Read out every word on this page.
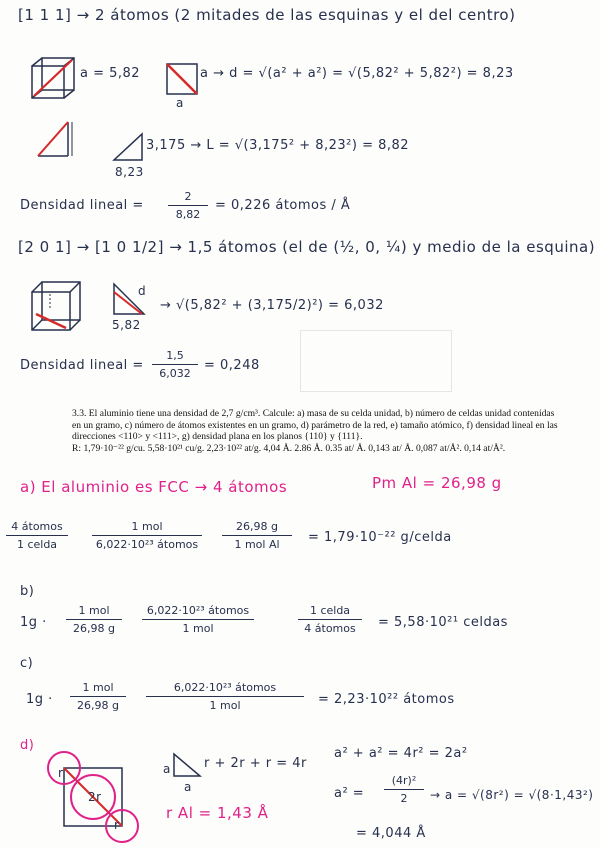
[1 1 1] → 2 átomos (2 mitades de las esquinas y el del centro)
a = 5,82
a
a → d = √(a² + a²) = √(5,82² + 5,82²) = 8,23
3,175 → L = √(3,175² + 8,23²) = 8,82
8,23
Densidad lineal =
2
8,82
= 0,226 átomos / Å
[2 0 1] → [1 0 1/2] → 1,5 átomos (el de (½, 0, ¼) y medio de la esquina)
d
5,82
→ √(5,82² + (3,175/2)²) = 6,032
Densidad lineal =
1,5
6,032
= 0,248

3.3. El aluminio tiene una densidad de 2,7 g/cm³. Calcule: a) masa de su celda unidad, b) número de celdas unidad contenidas en un gramo, c) número de átomos existentes en un gramo, d) parámetro de la red, e) tamaño atómico, f) densidad lineal en las direcciones <110> y <111>, g) densidad plana en los planos {110} y {111}.

R: 1,79·10⁻²² g/cu. 5,58·10²¹ cu/g. 2,23·10²² at/g. 4,04 Å. 2.86 Å. 0.35 at/ Å. 0,143 at/ Å. 0,087 at/Å². 0,14 at/Å².

a) El aluminio es FCC → 4 átomos	Pm Al = 26,98 g
4 átomos
1 celda
1 mol
6,022·10²³ átomos
26,98 g
1 mol Al	= 1,79·10⁻²² g/celda
b)
1g ·
1 mol
26,98 g
6,022·10²³ átomos
1 mol
1 celda
4 átomos	= 5,58·10²¹ celdas
c)
1g ·
1 mol
26,98 g
6,022·10²³ átomos
1 mol	= 2,23·10²² átomos
d)
r
2r
r
a
a
r + 2r + r = 4r
r Al = 1,43 Å
a² + a² = 4r² = 2a²
a² =
(4r)²
2	→ a = √(8r²) = √(8·1,43²)
= 4,044 Å
